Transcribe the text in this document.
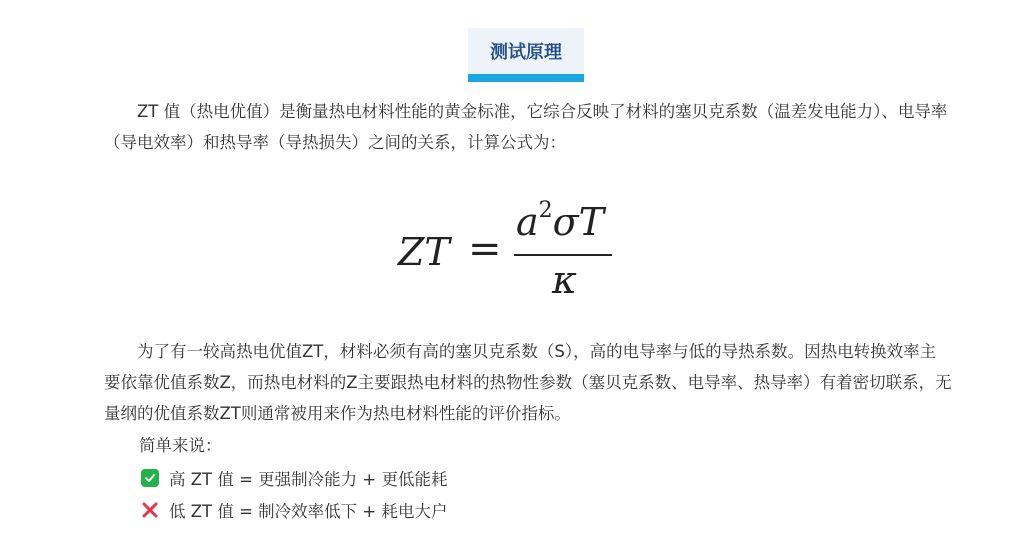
测试原理

ZT 值（热电优值）是衡量热电材料性能的黄金标准，它综合反映了材料的塞贝克系数（温差发电能力）、电导率（导电效率）和热导率（导热损失）之间的关系，计算公式为：

ZT =
$a^2\sigma T$
κ

为了有一较高热电优值ZT，材料必须有高的塞贝克系数（S），高的电导率与低的导热系数。因热电转换效率主要依靠优值系数Z，而热电材料的Z主要跟热电材料的热物性参数（塞贝克系数、电导率、热导率）有着密切联系，无量纲的优值系数ZT则通常被用来作为热电材料性能的评价指标。

简单来说：
高 ZT 值 = 更强制冷能力 + 更低能耗
低 ZT 值 = 制冷效率低下 + 耗电大户
